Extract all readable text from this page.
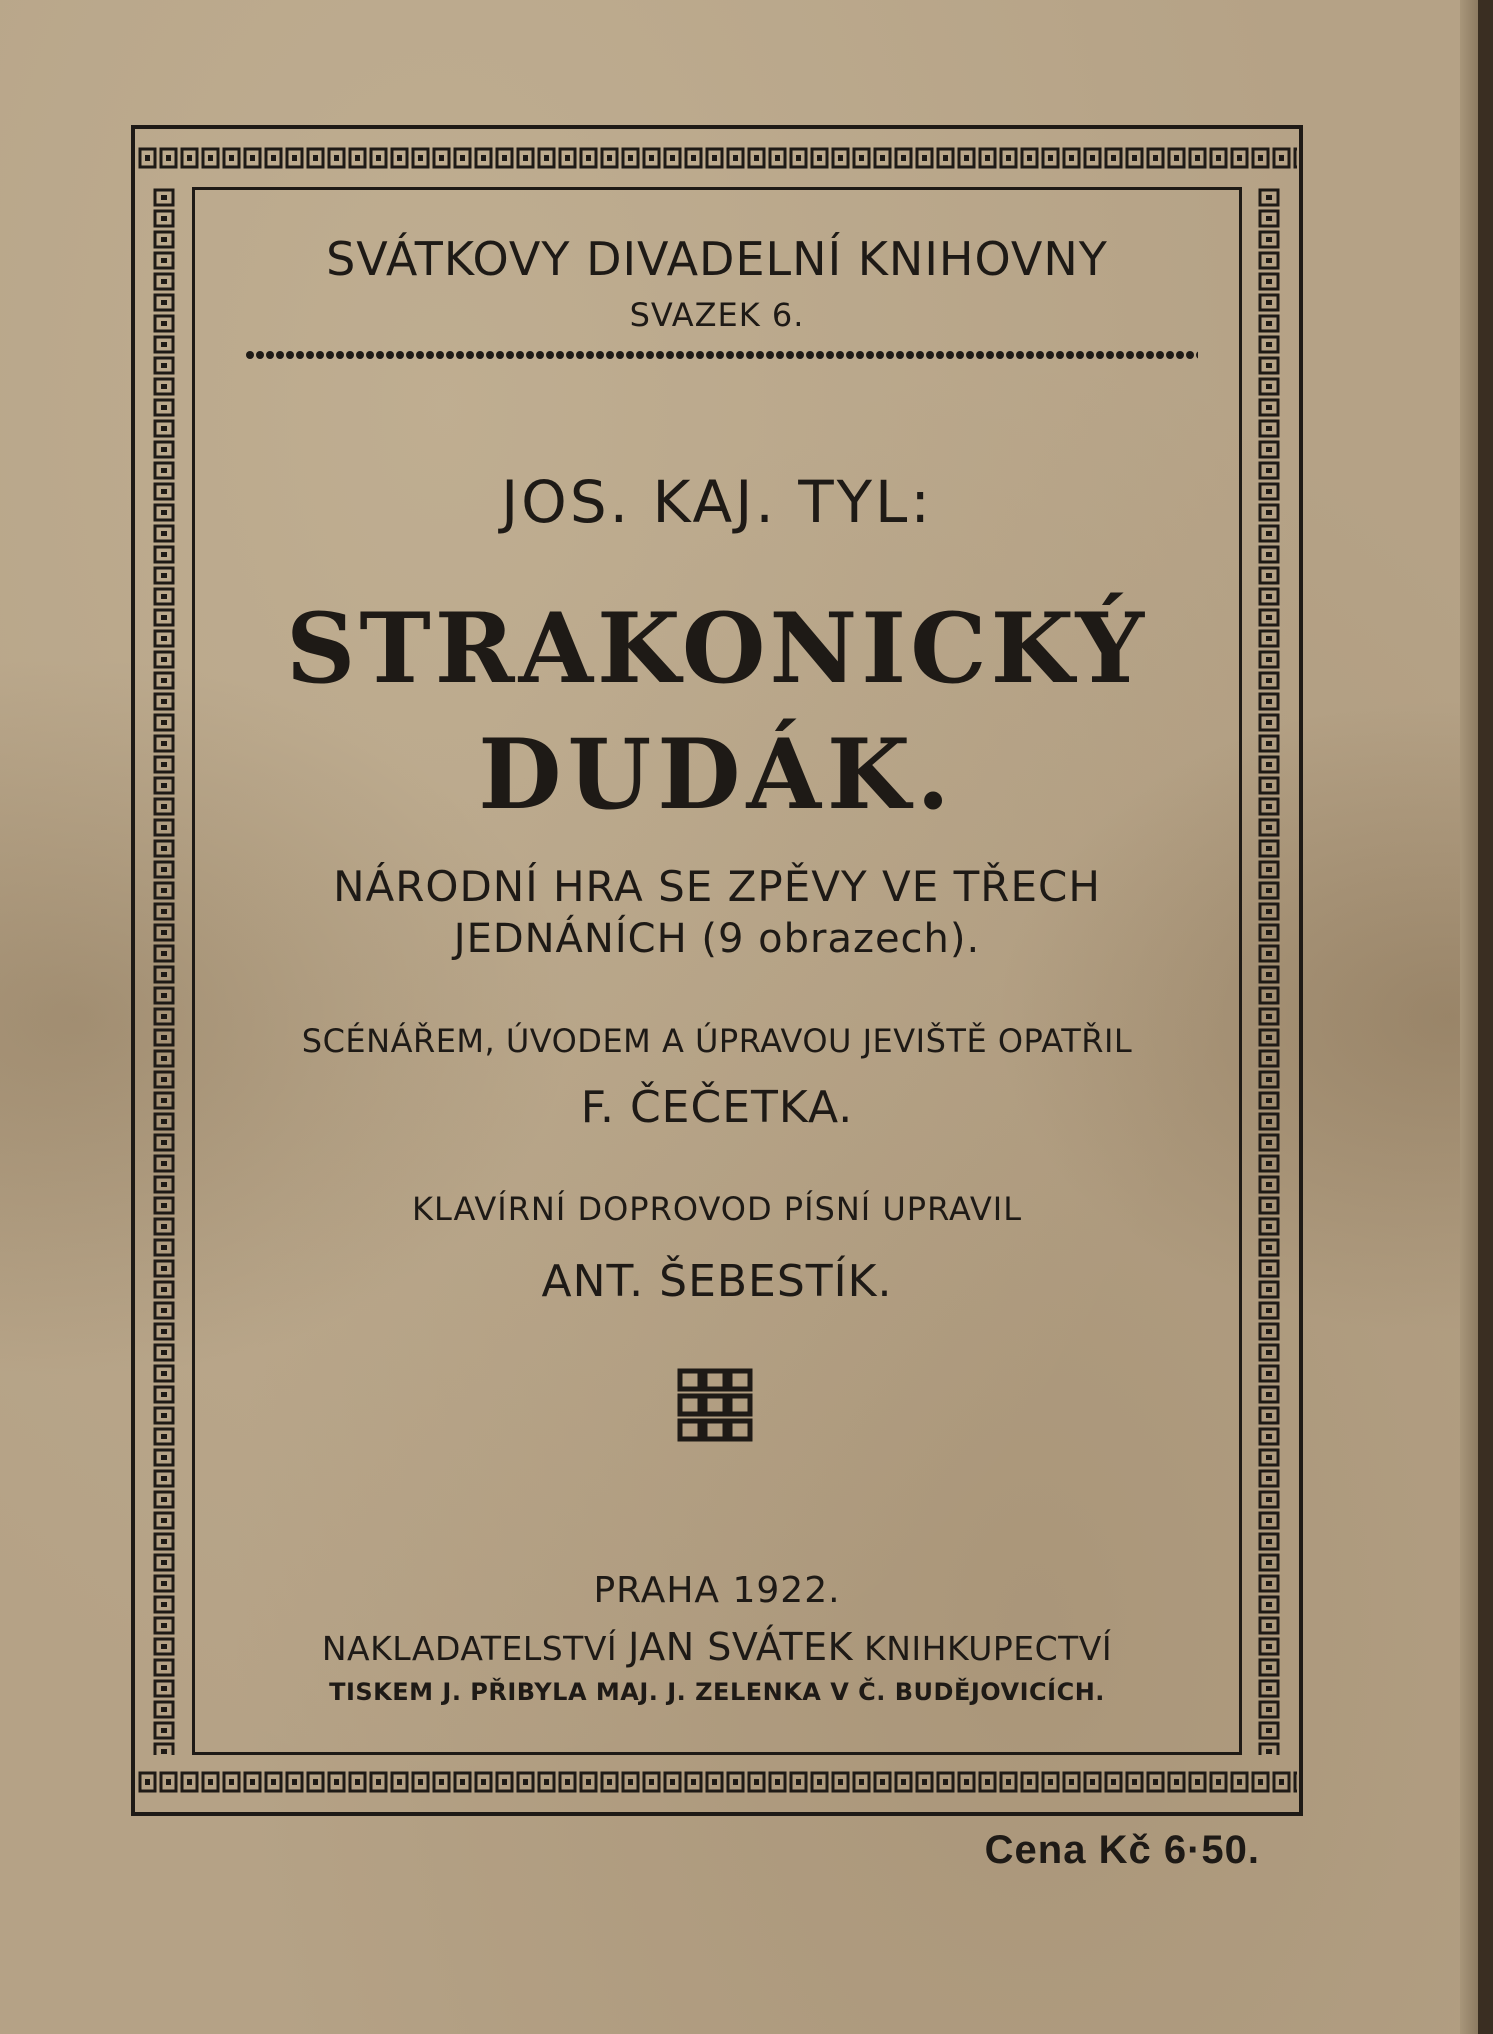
SVÁTKOVY DIVADELNÍ KNIHOVNY
SVAZEK 6.
JOS. KAJ. TYL:
STRAKONICKÝ
DUDÁK.
NÁRODNÍ HRA SE ZPĚVY VE TŘECH
JEDNÁNÍCH (9 obrazech).
SCÉNÁŘEM, ÚVODEM A ÚPRAVOU JEVIŠTĚ OPATŘIL
F. ČEČETKA.
KLAVÍRNÍ DOPROVOD PÍSNÍ UPRAVIL
ANT. ŠEBESTÍK.
PRAHA 1922.
NAKLADATELSTVÍ JAN SVÁTEK KNIHKUPECTVÍ
TISKEM J. PŘIBYLA MAJ. J. ZELENKA V Č. BUDĚJOVICÍCH.
Cena Kč 6·50.
